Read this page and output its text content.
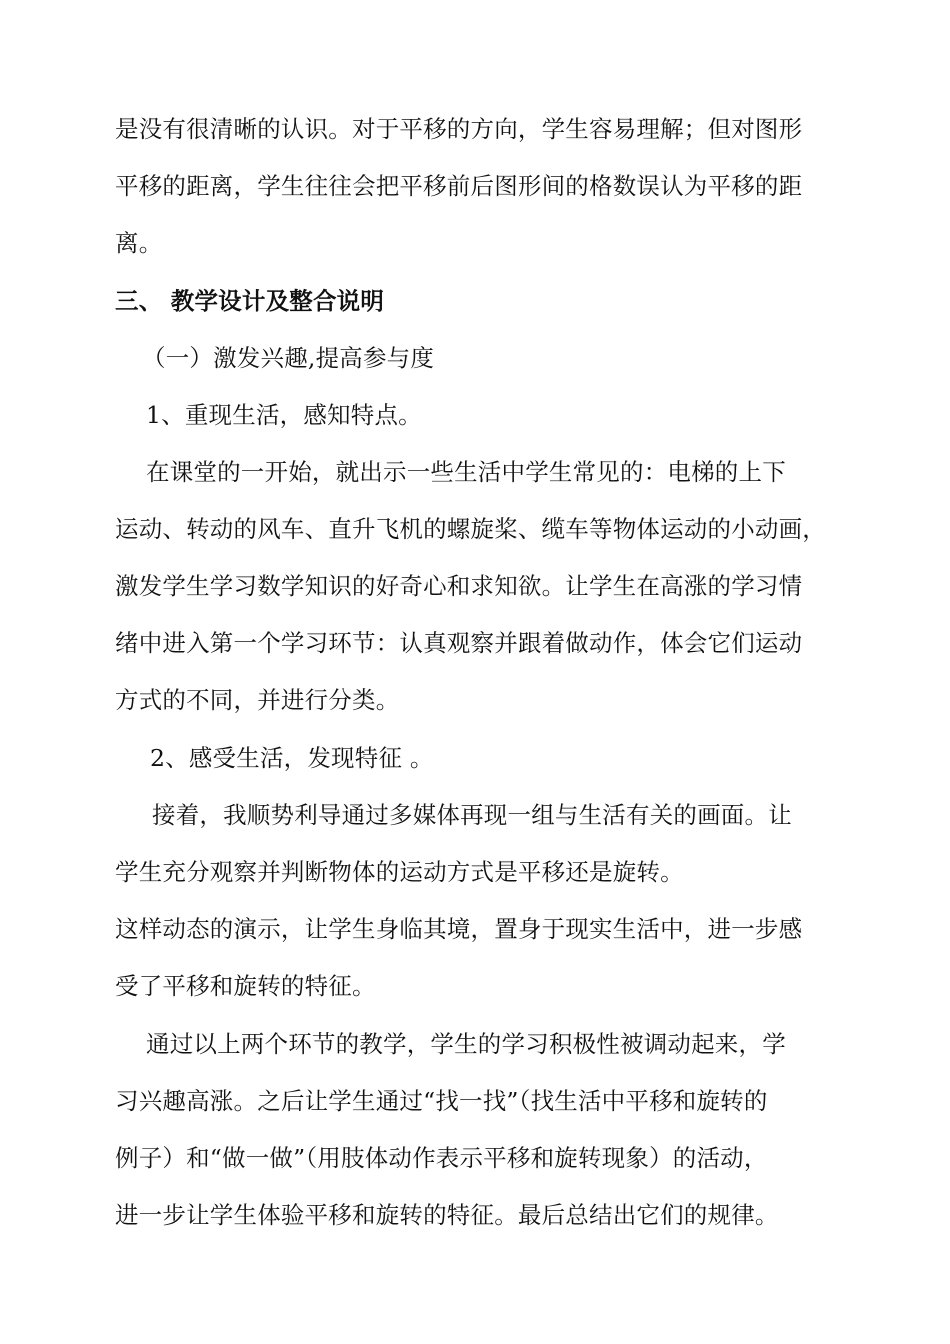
是没有很清晰的认识。对于平移的方向，学生容易理解；但对图形
平移的距离，学生往往会把平移前后图形间的格数误认为平移的距
离。
三、 教学设计及整合说明
（一）激发兴趣,提高参与度
1、重现生活，感知特点。
在课堂的一开始，就出示一些生活中学生常见的：电梯的上下
运动、转动的风车、直升飞机的螺旋桨、缆车等物体运动的小动画，
激发学生学习数学知识的好奇心和求知欲。让学生在高涨的学习情
绪中进入第一个学习环节：认真观察并跟着做动作，体会它们运动
方式的不同，并进行分类。
2、感受生活，发现特征 。
接着，我顺势利导通过多媒体再现一组与生活有关的画面。让
学生充分观察并判断物体的运动方式是平移还是旋转。
这样动态的演示，让学生身临其境，置身于现实生活中，进一步感
受了平移和旋转的特征。
通过以上两个环节的教学，学生的学习积极性被调动起来，学
习兴趣高涨。之后让学生通过“找一找”（找生活中平移和旋转的
例子）和“做一做”（用肢体动作表示平移和旋转现象）的活动，
进一步让学生体验平移和旋转的特征。最后总结出它们的规律。
